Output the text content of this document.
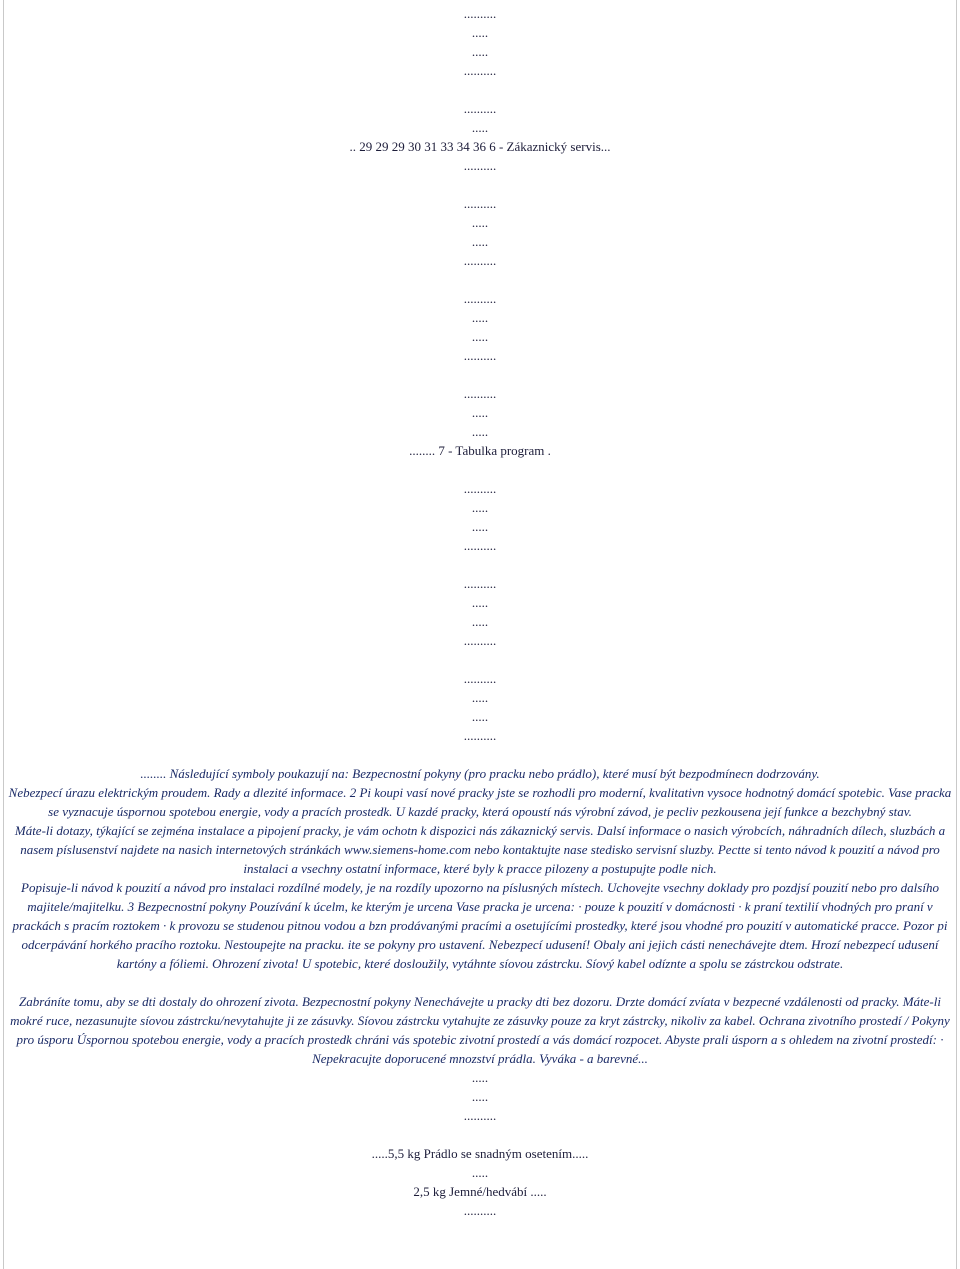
..........
.....
.....
..........
..........
.....
.. 29 29 29 30 31 33 34 36 6 - Zákaznický servis...
..........
..........
.....
.....
..........
..........
.....
.....
..........
..........
.....
.....
........ 7 - Tabulka program .
..........
.....
.....
..........
..........
.....
.....
..........
..........
.....
.....
..........
........ Následující symboly poukazují na: Bezpecnostní pokyny (pro pracku nebo prádlo), které musí být bezpodmínecn dodrzovány.

Nebezpecí úrazu elektrickým proudem. Rady a dlezité informace. 2 Pi koupi vasí nové pracky jste se rozhodli pro moderní, kvalitativn vysoce hodnotný domácí spotebic. Vase pracka se vyznacuje úspornou spotebou energie, vody a pracích prostedk. U kazdé pracky, která opoustí nás výrobní závod, je pecliv pezkousena její funkce a bezchybný stav.

Máte-li dotazy, týkající se zejména instalace a pipojení pracky, je vám ochotn k dispozici nás zákaznický servis. Dalsí informace o nasich výrobcích, náhradních dílech, sluzbách a nasem píslusenství najdete na nasich internetových stránkách www.siemens-home.com nebo kontaktujte nase stedisko servisní sluzby. Pectte si tento návod k pouzití a návod pro instalaci a vsechny ostatní informace, které byly k pracce pilozeny a postupujte podle nich.

Popisuje-li návod k pouzití a návod pro instalaci rozdílné modely, je na rozdíly upozorno na píslusných místech. Uchovejte vsechny doklady pro pozdjsí pouzití nebo pro dalsího majitele/majitelku. 3 Bezpecnostní pokyny Pouzívání k úcelm, ke kterým je urcena Vase pracka je urcena: · pouze k pouzití v domácnosti · k praní textilií vhodných pro praní v prackách s pracím roztokem · k provozu se studenou pitnou vodou a bzn prodávanými pracími a osetujícími prostedky, které jsou vhodné pro pouzití v automatické pracce. Pozor pi odcerpávání horkého pracího roztoku. Nestoupejte na pracku. ite se pokyny pro ustavení. Nebezpecí udusení! Obaly ani jejich cásti nenechávejte dtem. Hrozí nebezpecí udusení kartóny a fóliemi. Ohrození zivota! U spotebic, které dosloužily, vytáhnte síovou zástrcku. Síový kabel odíznte a spolu se zástrckou odstrate.

Zabráníte tomu, aby se dti dostaly do ohrození zivota. Bezpecnostní pokyny Nenechávejte u pracky dti bez dozoru. Drzte domácí zvíata v bezpecné vzdálenosti od pracky. Máte-li mokré ruce, nezasunujte síovou zástrcku/nevytahujte ji ze zásuvky. Síovou zástrcku vytahujte ze zásuvky pouze za kryt zástrcky, nikoliv za kabel. Ochrana zivotního prostedí / Pokyny pro úsporu Úspornou spotebou energie, vody a pracích prostedk chráni vás spotebic zivotní prostedí a vás domácí rozpocet. Abyste prali úsporn a s ohledem na zivotní prostedí: · Nepekracujte doporucené mnozství prádla. Vyváka - a barevné...

.....
.....
..........
.....5,5 kg Prádlo se snadným osetením.....
.....
2,5 kg Jemné/hedvábí .....
..........
